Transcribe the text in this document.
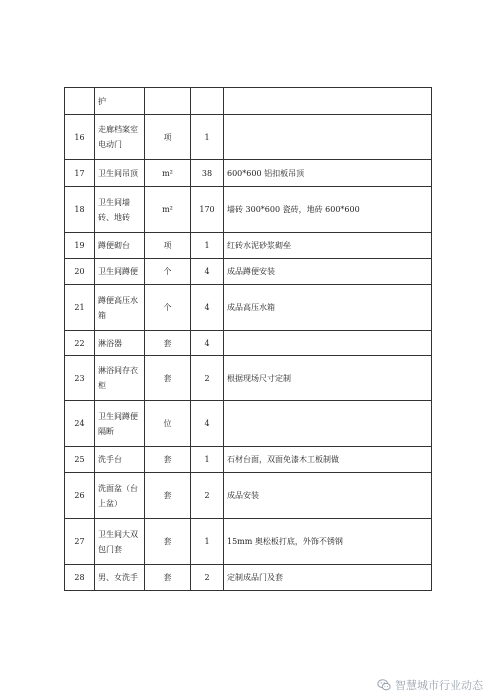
	护			
16	走廊档案室电动门	项	1	
17	卫生间吊顶	m²	38	600*600 铝扣板吊顶
18	卫生间墙砖、地砖	m²	170	墙砖 300*600 瓷砖，地砖 600*600
19	蹲便砌台	项	1	红砖水泥砂浆砌垒
20	卫生间蹲便	个	4	成品蹲便安装
21	蹲便高压水箱	个	4	成品高压水箱
22	淋浴器	套	4	
23	淋浴间存衣柜	套	2	根据现场尺寸定制
24	卫生间蹲便隔断	位	4	
25	洗手台	套	1	石材台面，双面免漆木工板制做
26	洗面盆（台上盆）	套	2	成品安装
27	卫生间大双包门套	套	1	15mm 奥松板打底，外饰不锈钢
28	男、女洗手	套	2	定制成品门及套
智慧城市行业动态
